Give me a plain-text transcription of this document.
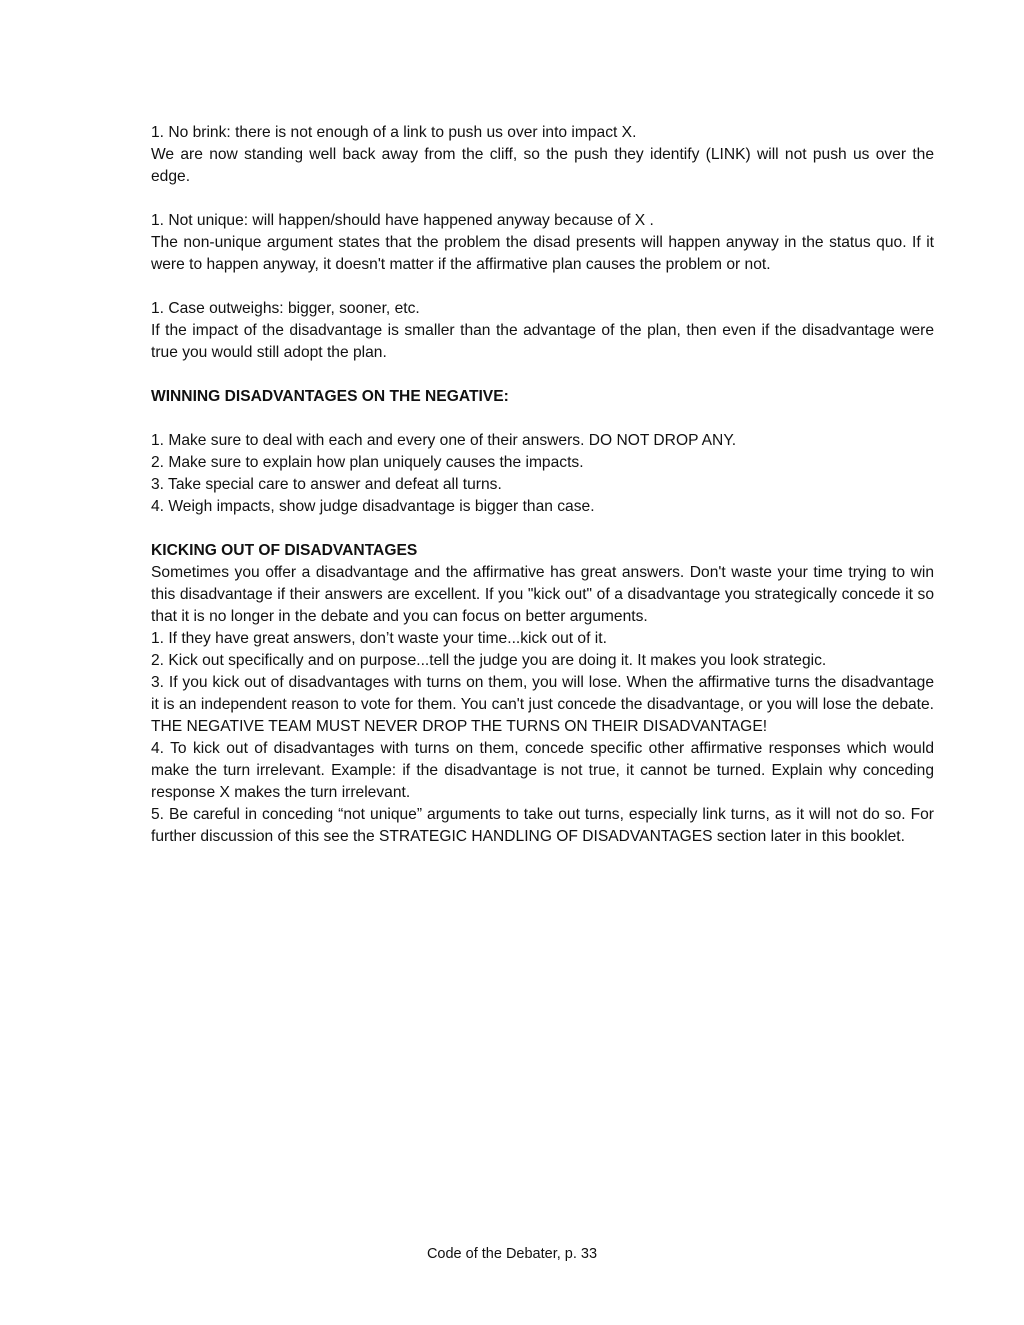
1. No brink: there is not enough of a link to push us over into impact X.

We are now standing well back away from the cliff, so the push they identify (LINK) will not push us over the edge.

1. Not unique: will happen/should have happened anyway because of X .

The non-unique argument states that the problem the disad presents will happen anyway in the status quo. If it were to happen anyway, it doesn't matter if the affirmative plan causes the problem or not.

1. Case outweighs: bigger, sooner, etc.

If the impact of the disadvantage is smaller than the advantage of the plan, then even if the disadvantage were true you would still adopt the plan.

WINNING DISADVANTAGES ON THE NEGATIVE:

1. Make sure to deal with each and every one of their answers. DO NOT DROP ANY.

2. Make sure to explain how plan uniquely causes the impacts.

3. Take special care to answer and defeat all turns.

4. Weigh impacts, show judge disadvantage is bigger than case.

KICKING OUT OF DISADVANTAGES

Sometimes you offer a disadvantage and the affirmative has great answers. Don't waste your time trying to win this disadvantage if their answers are excellent. If you "kick out" of a disadvantage you strategically concede it so that it is no longer in the debate and you can focus on better arguments.

1. If they have great answers, don’t waste your time...kick out of it.

2. Kick out specifically and on purpose...tell the judge you are doing it. It makes you look strategic.

3. If you kick out of disadvantages with turns on them, you will lose. When the affirmative turns the disadvantage it is an independent reason to vote for them. You can't just concede the disadvantage, or you will lose the debate. THE NEGATIVE TEAM MUST NEVER DROP THE TURNS ON THEIR DISADVANTAGE!

4. To kick out of disadvantages with turns on them, concede specific other affirmative responses which would make the turn irrelevant. Example: if the disadvantage is not true, it cannot be turned. Explain why conceding response X makes the turn irrelevant.

5. Be careful in conceding “not unique” arguments to take out turns, especially link turns, as it will not do so. For further discussion of this see the STRATEGIC HANDLING OF DISADVANTAGES section later in this booklet.

Code of the Debater, p. 33
